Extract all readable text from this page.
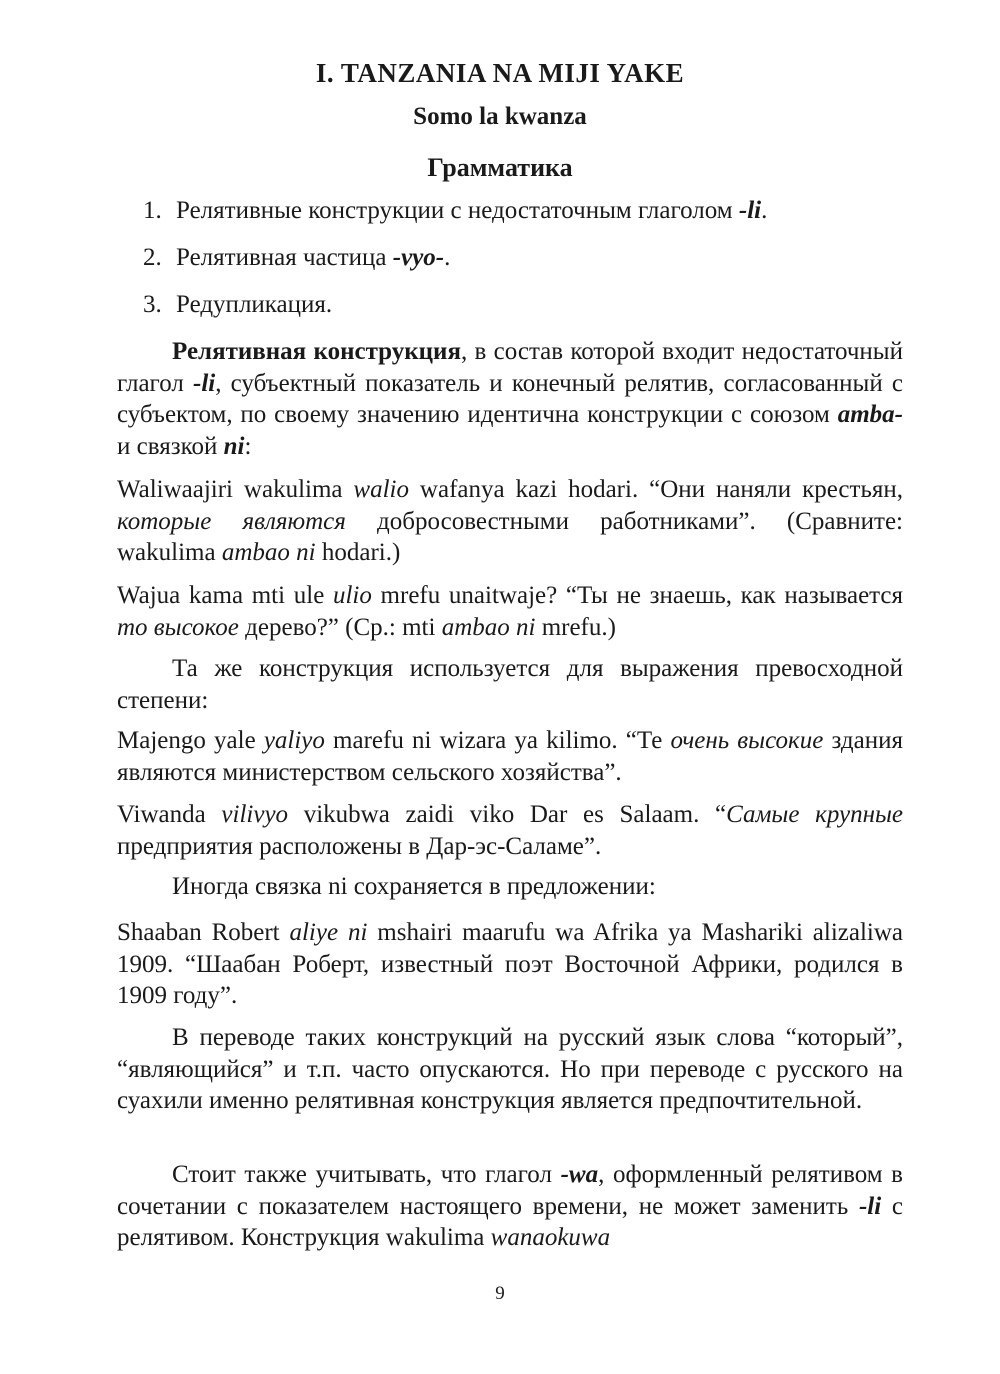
I. TANZANIA NA MIJI YAKE
Somo la kwanza
Грамматика
1. Релятивные конструкции с недостаточным глаголом -li.
2. Релятивная частица -vyo-.
3. Редупликация.

Релятивная конструкция, в состав которой входит недостаточный глагол -li, субъектный показатель и конечный релятив, согласованный с субъектом, по своему значению идентична конструкции с союзом amba- и связкой ni:

Waliwaajiri wakulima walio wafanya kazi hodari. “Они наняли крестьян, которые являются добросовестными работниками”. (Сравните: wakulima ambao ni hodari.)

Wajua kama mti ule ulio mrefu unaitwaje? “Ты не знаешь, как называется то высокое дерево?” (Ср.: mti ambao ni mrefu.)

Та же конструкция используется для выражения превосходной степени:

Majengo yale yaliyo marefu ni wizara ya kilimo. “Те очень высокие здания являются министерством сельского хозяйства”.

Viwanda vilivyo vikubwa zaidi viko Dar es Salaam. “Самые крупные предприятия расположены в Дар-эс-Саламе”.

Иногда связка ni сохраняется в предложении:

Shaaban Robert aliye ni mshairi maarufu wa Afrika ya Mashariki alizaliwa 1909. “Шаабан Роберт, известный поэт Восточной Африки, родился в 1909 году”.

В переводе таких конструкций на русский язык слова “который”, “являющийся” и т.п. часто опускаются. Но при переводе с русского на суахили именно релятивная конструкция является предпочтительной.

Стоит также учитывать, что глагол -wa, оформленный релятивом в сочетании с показателем настоящего времени, не может заменить -li с релятивом. Конструкция wakulima wanaokuwa

9
